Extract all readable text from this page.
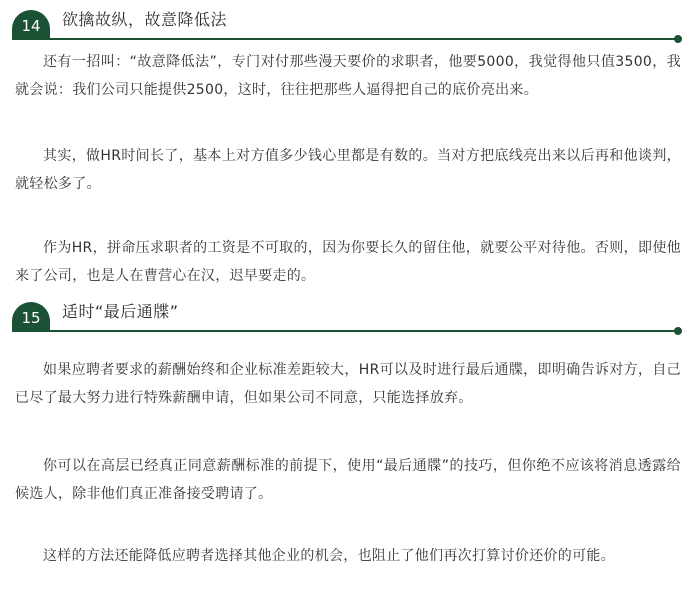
14	欲擒故纵，故意降低法

还有一招叫：“故意降低法”，专门对付那些漫天要价的求职者，他要5000，我觉得他只值3500，我就会说：我们公司只能提供2500，这时，往往把那些人逼得把自己的底价亮出来。

其实，做HR时间长了，基本上对方值多少钱心里都是有数的。当对方把底线亮出来以后再和他谈判，就轻松多了。

作为HR，拼命压求职者的工资是不可取的，因为你要长久的留住他，就要公平对待他。否则，即使他来了公司，也是人在曹营心在汉，迟早要走的。

15	适时“最后通牒”

如果应聘者要求的薪酬始终和企业标准差距较大，HR可以及时进行最后通牒，即明确告诉对方，自己已尽了最大努力进行特殊薪酬申请，但如果公司不同意，只能选择放弃。

你可以在高层已经真正同意薪酬标准的前提下，使用“最后通牒”的技巧，但你绝不应该将消息透露给候选人，除非他们真正准备接受聘请了。

这样的方法还能降低应聘者选择其他企业的机会，也阻止了他们再次打算讨价还价的可能。
